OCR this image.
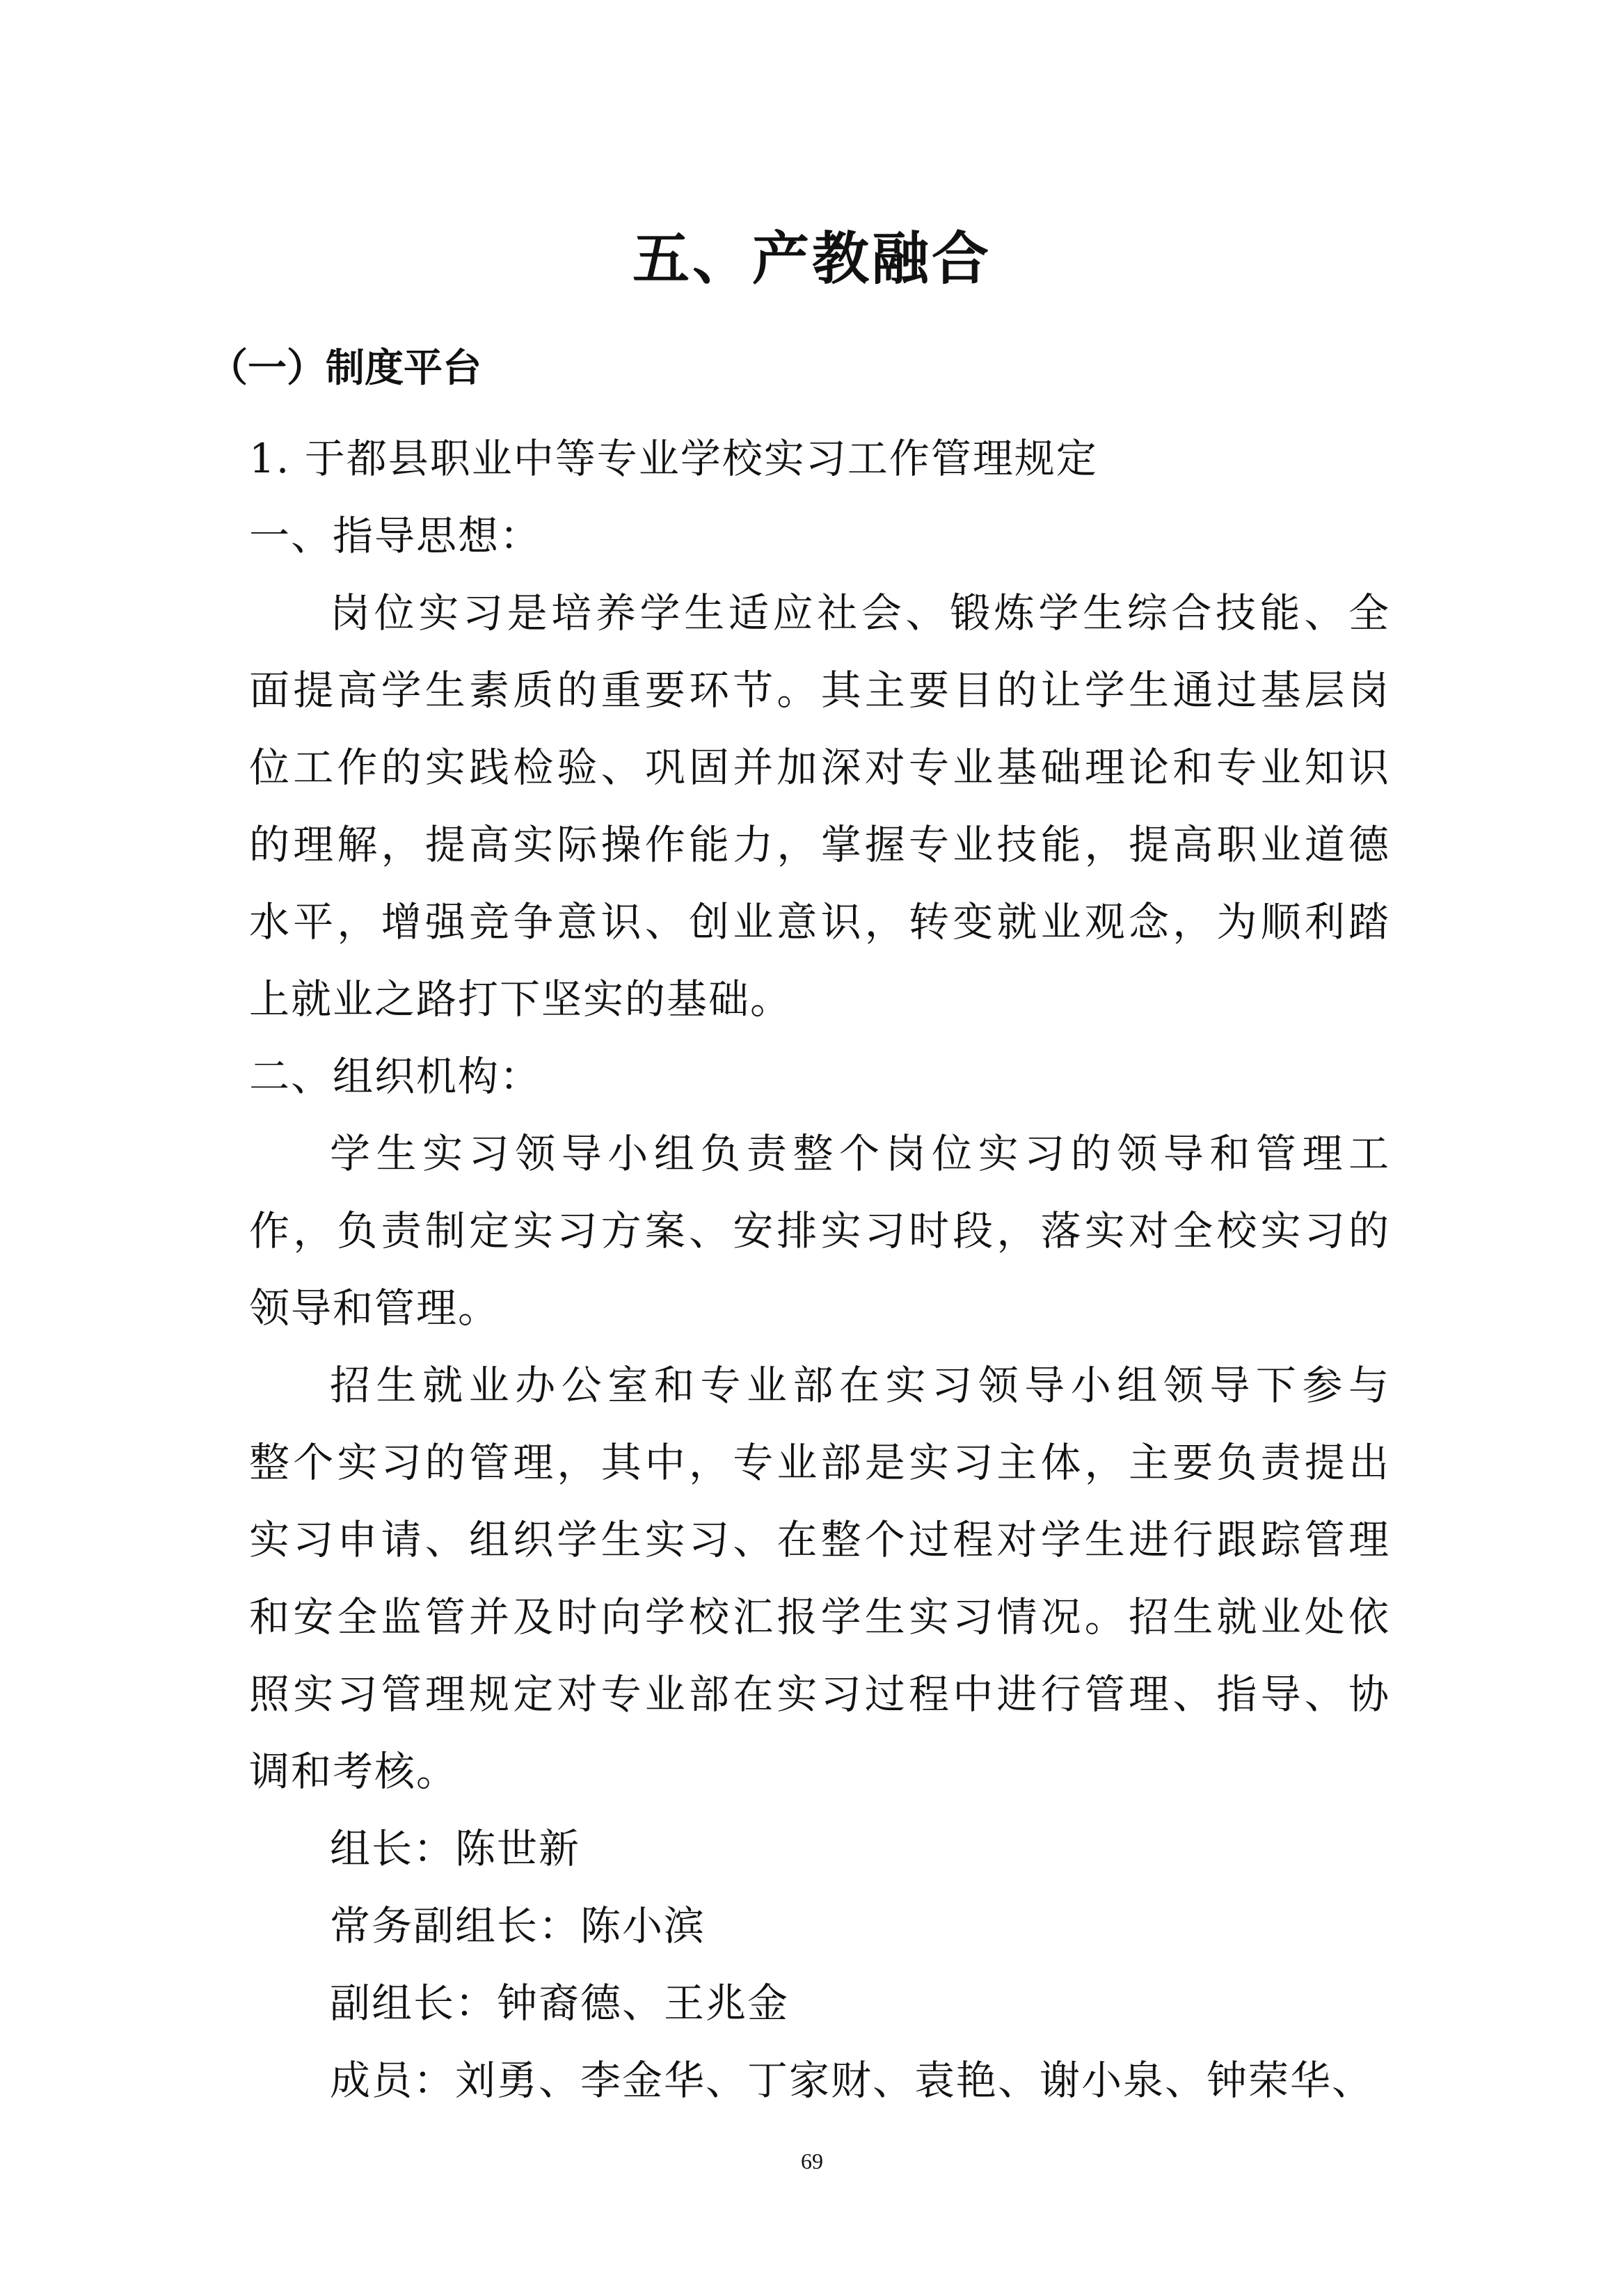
五、产教融合
（一）制度平台
1. 于都县职业中等专业学校实习工作管理规定
一、指导思想：
岗位实习是培养学生适应社会、锻炼学生综合技能、全
面提高学生素质的重要环节。其主要目的让学生通过基层岗
位工作的实践检验、巩固并加深对专业基础理论和专业知识
的理解，提高实际操作能力，掌握专业技能，提高职业道德
水平，增强竞争意识、创业意识，转变就业观念，为顺利踏
上就业之路打下坚实的基础。
二、组织机构：
学生实习领导小组负责整个岗位实习的领导和管理工
作，负责制定实习方案、安排实习时段，落实对全校实习的
领导和管理。
招生就业办公室和专业部在实习领导小组领导下参与
整个实习的管理，其中，专业部是实习主体，主要负责提出
实习申请、组织学生实习、在整个过程对学生进行跟踪管理
和安全监管并及时向学校汇报学生实习情况。招生就业处依
照实习管理规定对专业部在实习过程中进行管理、指导、协
调和考核。
组长：陈世新
常务副组长：陈小滨
副组长：钟裔德、王兆金
成员：刘勇、李金华、丁家财、袁艳、谢小泉、钟荣华、
69
